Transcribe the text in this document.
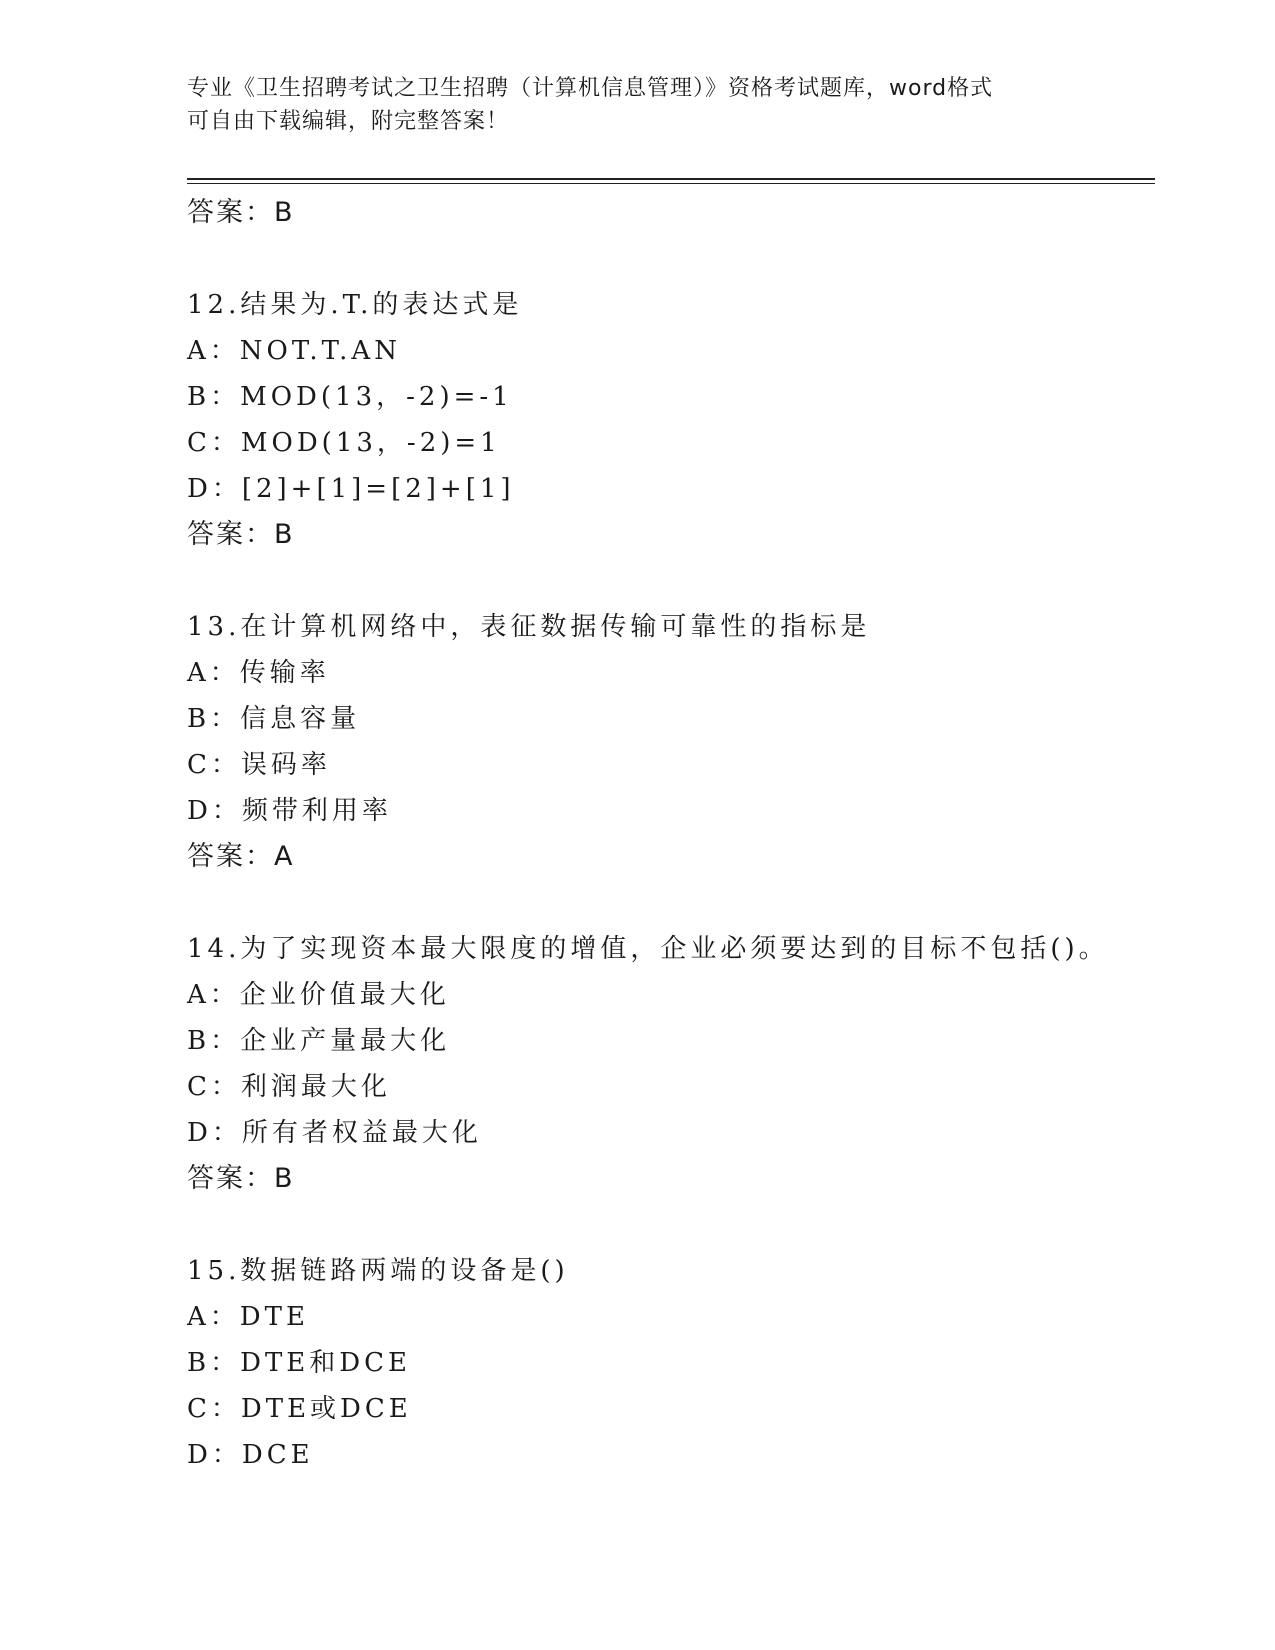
专业《卫生招聘考试之卫生招聘（计算机信息管理）》资格考试题库，word格式
可自由下载编辑，附完整答案！
答案：B
12.结果为.T.的表达式是
A：NOT.T.AN
B：MOD(13，-2)=-1
C：MOD(13，-2)=1
D：[2]+[1]=[2]+[1]
答案：B
13.在计算机网络中，表征数据传输可靠性的指标是
A：传输率
B：信息容量
C：误码率
D：频带利用率
答案：A
14.为了实现资本最大限度的增值，企业必须要达到的目标不包括()。
A：企业价值最大化
B：企业产量最大化
C：利润最大化
D：所有者权益最大化
答案：B
15.数据链路两端的设备是()
A：DTE
B：DTE和DCE
C：DTE或DCE
D：DCE
